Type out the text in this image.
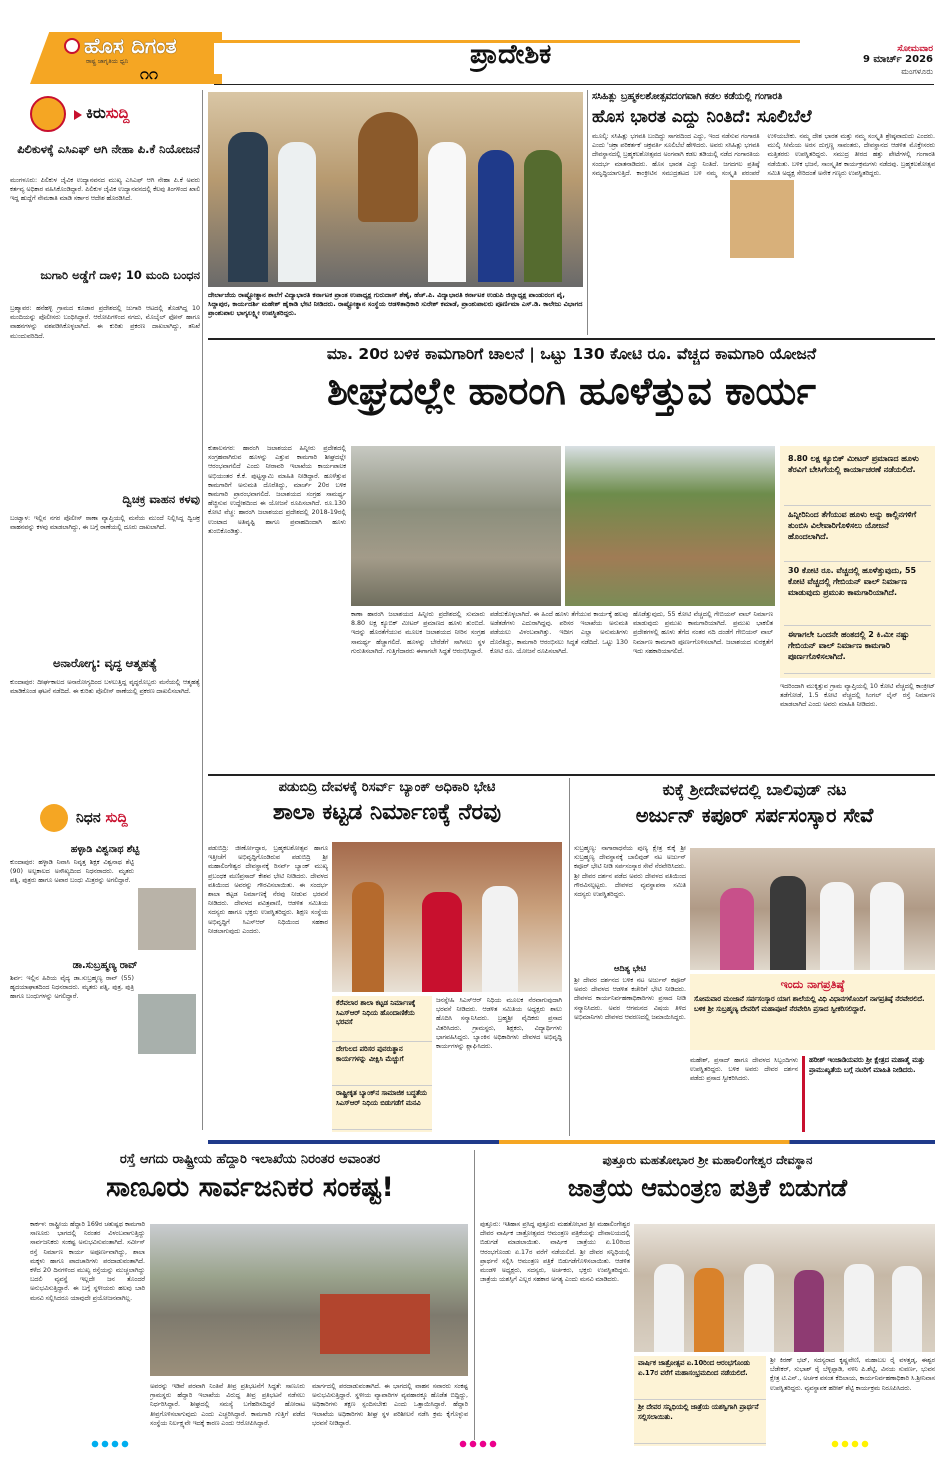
ಹೊಸ ದಿಗಂತ
ರಾಷ್ಟ್ರ ಜಾಗೃತಿಯ ಧ್ವನಿ
೧೧
ಪ್ರಾದೇಶಿಕ	ಸೋಮವಾರ
9 ಮಾರ್ಚ್ 2026
ಮಂಗಳೂರು
ಕಿರುಸುದ್ದಿ
ಪಿಲಿಕುಳಕ್ಕೆ ಎಸಿಎಫ್ ಆಗಿ ನೇಹಾ ಪಿ.ಕೆ ನಿಯೋಜನೆ
ಮಂಗಳೂರು: ಪಿಲಿಕುಳ ಜೈವಿಕ ಉದ್ಯಾನವನದ ಮುಖ್ಯ ಎಸಿಎಫ್ ಆಗಿ ನೇಹಾ ಪಿ.ಕೆ ಅವರು ಕರ್ತವ್ಯ ಅಧಿಕಾರ ವಹಿಸಿಕೊಂಡಿದ್ದಾರೆ. ಪಿಲಿಕುಳ ಜೈವಿಕ ಉದ್ಯಾನವನದಲ್ಲಿ ಕೆಲವು ತಿಂಗಳಿಂದ ಖಾಲಿ ಇದ್ದ ಹುದ್ದೆಗೆ ನೇಮಕಾತಿ ಮಾಡಿ ಸರ್ಕಾರ ಆದೇಶ ಹೊರಡಿಸಿದೆ.
ಜುಗಾರಿ ಅಡ್ಡೆಗೆ ದಾಳಿ; 10 ಮಂದಿ ಬಂಧನ
ಬ್ರಹ್ಮಾವರ: ಹನೆಹಳ್ಳಿ ಗ್ರಾಮದ ಕೂಡಾರ ಪ್ರದೇಶದಲ್ಲಿ ಜುಗಾರಿ ಆಟದಲ್ಲಿ ತೊಡಗಿದ್ದ 10 ಮಂದಿಯನ್ನು ಪೊಲೀಸರು ಬಂಧಿಸಿದ್ದಾರೆ. ಆರೋಪಿಗಳಿಂದ ನಗದು, ಮೊಬೈಲ್ ಫೋನ್ ಹಾಗೂ ವಾಹನಗಳನ್ನು ವಶಪಡಿಸಿಕೊಳ್ಳಲಾಗಿದೆ. ಈ ಕುರಿತು ಪ್ರಕರಣ ದಾಖಲಾಗಿದ್ದು, ತನಿಖೆ ಮುಂದುವರಿದಿದೆ.
ದ್ವಿಚಕ್ರ ವಾಹನ ಕಳವು
ಬಂಟ್ವಾಳ: ಇಲ್ಲಿನ ನಗರ ಪೊಲೀಸ್ ಠಾಣಾ ವ್ಯಾಪ್ತಿಯಲ್ಲಿ ಮನೆಯ ಮುಂದೆ ನಿಲ್ಲಿಸಿದ್ದ ದ್ವಿಚಕ್ರ ವಾಹನವನ್ನು ಕಳವು ಮಾಡಲಾಗಿದ್ದು, ಈ ಬಗ್ಗೆ ಠಾಣೆಯಲ್ಲಿ ದೂರು ದಾಖಲಾಗಿದೆ.
ಅನಾರೋಗ್ಯ: ವೃದ್ಧ ಆತ್ಮಹತ್ಯೆ
ಕುಂದಾಪುರ: ದೀರ್ಘಕಾಲದ ಅನಾರೋಗ್ಯದಿಂದ ಬಳಲುತ್ತಿದ್ದ ವೃದ್ಧರೊಬ್ಬರು ಮನೆಯಲ್ಲಿ ಆತ್ಮಹತ್ಯೆ ಮಾಡಿಕೊಂಡ ಘಟನೆ ನಡೆದಿದೆ. ಈ ಕುರಿತು ಪೊಲೀಸ್ ಠಾಣೆಯಲ್ಲಿ ಪ್ರಕರಣ ದಾಖಲಿಸಲಾಗಿದೆ.
ನಿಧನ ಸುದ್ದಿ
ಹಳ್ಳಾಡಿ ವಿಶ್ವನಾಥ ಶೆಟ್ಟಿ
ಕುಂದಾಪುರ: ಹಳ್ಳಾಡಿ ನಿವಾಸಿ ನಿವೃತ್ತ ಶಿಕ್ಷಕ ವಿಶ್ವನಾಥ ಶೆಟ್ಟಿ (90) ಅಲ್ಪಕಾಲದ ಅಸೌಖ್ಯದಿಂದ ನಿಧನರಾದರು. ಮೃತರು ಪತ್ನಿ, ಪುತ್ರರು ಹಾಗೂ ಅಪಾರ ಬಂಧು ಮಿತ್ರರನ್ನು ಅಗಲಿದ್ದಾರೆ.
ಡಾ.ಸುಬ್ರಹ್ಮಣ್ಯ ರಾವ್
ಶಿರ್ವ: ಇಲ್ಲಿನ ಹಿರಿಯ ವೈದ್ಯ ಡಾ.ಸುಬ್ರಹ್ಮಣ್ಯ ರಾವ್ (55) ಹೃದಯಾಘಾತದಿಂದ ನಿಧನರಾದರು. ಮೃತರು ಪತ್ನಿ, ಪುತ್ರ, ಪುತ್ರಿ ಹಾಗೂ ಬಂಧುಗಳನ್ನು ಅಗಲಿದ್ದಾರೆ.
ದೇರ್ಲಾಜೆಯ ರಾಷ್ಟ್ರೋತ್ಥಾನ ಶಾಲೆಗೆ ವಿದ್ಯಾಭಾರತಿ ಕರ್ನಾಟಕ ಪ್ರಾಂತ ಉಪಾಧ್ಯಕ್ಷ ಗುರುದಾಸ್ ಶೆಣೈ, ಹೆಚ್.ಪಿ. ವಿದ್ಯಾಭಾರತಿ ಕರ್ನಾಟಕ ಉಡುಪಿ ಜಿಲ್ಲಾಧ್ಯಕ್ಷ ಪಾಂಡುರಂಗ ಪೈ, ಸಿದ್ದಾಪುರ, ಕಾರ್ಯದರ್ಶಿ ಮಹೇಶ್ ಹೈಕಾಡಿ ಭೇಟಿ ನೀಡಿದರು. ರಾಷ್ಟ್ರೋತ್ಥಾನ ಸಂಸ್ಥೆಯ ಆಡಳಿತಾಧಿಕಾರಿ ಸುರೇಶ್ ಕಮಾಡೆ, ಪ್ರಾಂಶುಪಾಲರು ಪೂರ್ಣಿಮಾ ಎಸ್.ಡಿ. ಕಾಲೇಜು ವಿಭಾಗದ ಪ್ರಾಂಶುಪಾಲ ಭಾಗ್ಯಲಕ್ಷ್ಮೀ ಉಪಸ್ಥಿತರಿದ್ದರು.
ಸಸಿಹಿತ್ಲು ಬ್ರಹ್ಮಕಲಶೋತ್ಸವದಂಗವಾಗಿ ಕಡಲ ಕಡೆಯಲ್ಲಿ ಗಂಗಾರತಿ
ಹೊಸ ಭಾರತ ಎದ್ದು ನಿಂತಿದೆ: ಸೂಲಿಬೆಲೆ
ಮೂಲ್ಕಿ: ಸಸಿಹಿತ್ಲು ಭಗವತಿ ಬಂದಿದ್ದು ಸಾಗರದಿಂದ ಎದ್ದು, ಇಂದ ನಡೆಸುವ ಗಂಗಾರತಿ ಎಂದು 'ಚಕ್ರಾ ಪರಿಕರ್ತಕ' ಚಕ್ರವರ್ತಿ ಸೂಲಿಬೆಲೆ ಹೇಳಿದರು. ಅವರು ಸಸಿಹಿತ್ಲು ಭಗವತಿ ದೇವಸ್ಥಾನದಲ್ಲಿ ಬ್ರಹ್ಮಕಲಶೋತ್ಸವದ ಅಂಗವಾಗಿ ಕಡಲ ತಡಿಯಲ್ಲಿ ನಡೆದ ಗಂಗಾರತಿಯ ಸಂದರ್ಭ ಮಾತನಾಡಿದರು. ಹೊಸ ಭಾರತ ಎದ್ದು ನಿಂತಿದೆ. ಜಗದಗಲ ಪ್ರತಿಷ್ಠೆ ಸಮೃದ್ಧಿಯಾಗುತ್ತಿದೆ. ಕಾಂಕ್ರೀಟಿನ ಸಮುದ್ರತಟದ ಬಳಿ ನಮ್ಮ ಸಂಸ್ಕೃತಿ ಪರಂಪರೆ ಉಳಿಯಬೇಕು. ನಮ್ಮ ದೇಶ ಭಾರತ ಮತ್ತು ನಮ್ಮ ಸಂಸ್ಕೃತಿ ಶ್ರೇಷ್ಠವಾದುದು ಎಂದರು. ಮುಲ್ಕಿ ಸೀಮೆಯ ಅರಸ ದುಗ್ಗಣ್ಣ ಸಾವಂತರು, ದೇವಸ್ಥಾನದ ಆಡಳಿತ ಮೊಕ್ತೇಸರರು ಮತ್ತಿತರರು ಉಪಸ್ಥಿತರಿದ್ದರು. ಸಮುದ್ರ ತೀರದ ಹತ್ತು ಪೇಟೆಗಳಲ್ಲಿ ಗಂಗಾರತಿ ನಡೆಯಿತು. ಬಳಿಕ ಭಜನೆ, ಸಾಂಸ್ಕೃತಿಕ ಕಾರ್ಯಕ್ರಮಗಳು ನಡೆದವು. ಬ್ರಹ್ಮಕಲಶೋತ್ಸವ ಸಮಿತಿ ಅಧ್ಯಕ್ಷ ಸೇರಿದಂತೆ ಅನೇಕ ಗಣ್ಯರು ಉಪಸ್ಥಿತರಿದ್ದರು.
ಮಾ. 20ರ ಬಳಿಕ ಕಾಮಗಾರಿಗೆ ಚಾಲನೆ | ಒಟ್ಟು 130 ಕೋಟಿ ರೂ. ವೆಚ್ಚದ ಕಾಮಗಾರಿ ಯೋಜನೆ
ಶೀಘ್ರದಲ್ಲೇ ಹಾರಂಗಿ ಹೂಳೆತ್ತುವ ಕಾರ್ಯ
ಕುಶಾಲನಗರ: ಹಾರಂಗಿ ಜಲಾಶಯದ ಹಿನ್ನೀರು ಪ್ರದೇಶದಲ್ಲಿ ಸಂಗ್ರಹವಾಗಿರುವ ಹೂಳನ್ನು ಎತ್ತುವ ಕಾಮಗಾರಿ ಶೀಘ್ರದಲ್ಲೇ ಆರಂಭವಾಗಲಿದೆ ಎಂದು ನೀರಾವರಿ ಇಲಾಖೆಯ ಕಾರ್ಯಪಾಲಕ ಅಭಿಯಂತರ ಕೆ.ಕೆ. ಪುಟ್ಟಸ್ವಾಮಿ ಮಾಹಿತಿ ನೀಡಿದ್ದಾರೆ. ಹೂಳೆತ್ತುವ ಕಾಮಗಾರಿಗೆ ಅನುಮತಿ ದೊರೆತಿದ್ದು, ಮಾರ್ಚ್ 20ರ ಬಳಿಕ ಕಾಮಗಾರಿ ಪ್ರಾರಂಭವಾಗಲಿದೆ. ಜಲಾಶಯದ ಸಂಗ್ರಹ ಸಾಮರ್ಥ್ಯ ಹೆಚ್ಚಿಸುವ ಉದ್ದೇಶದಿಂದ ಈ ಯೋಜನೆ ರೂಪಿಸಲಾಗಿದೆ. ರೂ.130 ಕೋಟಿ ವೆಚ್ಚ: ಹಾರಂಗಿ ಜಲಾಶಯದ ಪ್ರದೇಶದಲ್ಲಿ 2018-19ರಲ್ಲಿ ಉಂಟಾದ ಅತಿವೃಷ್ಟಿ ಹಾಗೂ ಪ್ರವಾಹದಿಂದಾಗಿ ಹೂಳು ತುಂಬಿಕೊಂಡಿತ್ತು.
ಕಾಣಾ ಹಾರಂಗಿ ಜಲಾಶಯದ ಹಿನ್ನೀರು ಪ್ರದೇಶದಲ್ಲಿ ಸುಮಾರು 8.80 ಲಕ್ಷ ಕ್ಯೂಬಿಕ್ ಮೀಟರ್ ಪ್ರಮಾಣದ ಹೂಳು ತುಂಬಿದೆ. ಇದನ್ನು ಹೊರತೆಗೆಯುವ ಮೂಲಕ ಜಲಾಶಯದ ನೀರಿನ ಸಂಗ್ರಹ ಸಾಮರ್ಥ್ಯ ಹೆಚ್ಚಾಗಲಿದೆ. ಹೂಳನ್ನು ಬೇರೆಡೆಗೆ ಸಾಗಿಸಲು ಸ್ಥಳ ಗುರುತಿಸಲಾಗಿದೆ. ಗುತ್ತಿಗೆದಾರರು ಈಗಾಗಲೇ ಸಿದ್ಧತೆ ಆರಂಭಿಸಿದ್ದಾರೆ.
ಪಡೆದುಕೊಳ್ಳಲಾಗಿದೆ. ಈ ಹಿಂದೆ ಹೂಳು ತೆಗೆಯುವ ಕಾರ್ಯಕ್ಕೆ ಹಲವು ಅಡೆತಡೆಗಳು ಎದುರಾಗಿದ್ದವು. ಪರಿಸರ ಇಲಾಖೆಯ ಅನುಮತಿ ಪಡೆಯಲು ವಿಳಂಬವಾಗಿತ್ತು. ಇದೀಗ ಎಲ್ಲಾ ಅನುಮತಿಗಳು ದೊರೆತಿದ್ದು, ಕಾಮಗಾರಿ ಆರಂಭಿಸಲು ಸಿದ್ಧತೆ ನಡೆದಿದೆ. ಒಟ್ಟು 130 ಕೋಟಿ ರೂ. ಯೋಜನೆ ರೂಪಿಸಲಾಗಿದೆ.
ಹೊಡೆತ್ತುವುದು, 55 ಕೋಟಿ ವೆಚ್ಚದಲ್ಲಿ ಗೇಬಿಯನ್ ವಾಲ್ ನಿರ್ಮಾಣ ಮಾಡುವುದು ಪ್ರಮುಖ ಕಾಮಗಾರಿಯಾಗಿದೆ. ಪ್ರಮುಖ ಭಾಕಲಿತ ಪ್ರದೇಶಗಳಲ್ಲಿ ಹೂಳು ತೆಗೆದ ನಂತರ ನದಿ ದಂಡೆಗೆ ಗೇಬಿಯನ್ ವಾಲ್ ನಿರ್ಮಾಣ ಕಾಮಗಾರಿ ಪೂರ್ಣಗೊಳಿಸಲಾಗಿದೆ. ಜಲಾಶಯದ ಸುರಕ್ಷತೆಗೆ ಇದು ಸಹಕಾರಿಯಾಗಲಿದೆ.
8.80 ಲಕ್ಷ ಕ್ಯೂಬಿಕ್ ಮೀಟರ್ ಪ್ರಮಾಣದ ಹೂಳು ತೆರವಿಗೆ ಬೇಸಿಗೆಯಲ್ಲಿ ಕಾರ್ಯಾಚರಣೆ ನಡೆಯಲಿದೆ.
ಹಿನ್ನೀರಿನಿಂದ ತೆಗೆಯುವ ಹೂಳು ಅನ್ನು ಕಾಲ್ಲಿನಗಳಿಗೆ ತುಂಬಿಸಿ ವಿಲೇವಾರಿಗೊಳಿಸಲು ಯೋಜನೆ ಹೊಂದಲಾಗಿದೆ.
30 ಕೋಟಿ ರೂ. ವೆಚ್ಚದಲ್ಲಿ ಹೂಳೆತ್ತುವುದು, 55 ಕೋಟಿ ವೆಚ್ಚದಲ್ಲಿ ಗೇಬಿಯನ್ ವಾಲ್ ನಿರ್ಮಾಣ ಮಾಡುವುದು ಪ್ರಮುಖ ಕಾಮಗಾರಿಯಾಗಿದೆ.
ಈಗಾಗಲೇ ಒಂದನೇ ಹಂತದಲ್ಲಿ 2 ಕಿ.ಮೀ ನಷ್ಟು ಗೇಬಿಯನ್ ವಾಲ್ ನಿರ್ಮಾಣ ಕಾಮಗಾರಿ ಪೂರ್ಣಗೊಳಿಸಲಾಗಿದೆ.
ಇದರಿಂದಾಗಿ ಮುಕ್ಕಿತ್ತುವ ಗ್ರಾಮ ವ್ಯಾಪ್ತಿಯಲ್ಲಿ 10 ಕೋಟಿ ವೆಚ್ಚದಲ್ಲಿ ಕಾಂಕ್ರೀಟ್ ತಡೆಗೋಡೆ, 1.5 ಕೋಟಿ ವೆಚ್ಚದಲ್ಲಿ ಸಿಂಗಲ್ ಲೈನ್ ರಸ್ತೆ ನಿರ್ಮಾಣ ಮಾಡಲಾಗಿದೆ ಎಂದು ಅವರು ಮಾಹಿತಿ ನೀಡಿದರು.
ಪಡುಬಿದ್ರಿ ದೇವಳಕ್ಕೆ ರಿಸರ್ವ್ ಬ್ಯಾಂಕ್ ಅಧಿಕಾರಿ ಭೇಟಿ
ಶಾಲಾ ಕಟ್ಟಡ ನಿರ್ಮಾಣಕ್ಕೆ ನೆರವು
ಪಡುಬಿದ್ರಿ: ಜೀರ್ಣೋದ್ಧಾರ, ಬ್ರಹ್ಮಕಲಶೋತ್ಸವ ಹಾಗೂ ಇತ್ತೀಚೆಗೆ ಅಭಿವೃದ್ಧಿಗೊಂಡಿರುವ ಪಡುಬಿದ್ರಿ ಶ್ರೀ ಮಹಾಲಿಂಗೇಶ್ವರ ದೇವಸ್ಥಾನಕ್ಕೆ ರಿಸರ್ವ್ ಬ್ಯಾಂಕ್ ಮುಖ್ಯ ಪ್ರಬಂಧಕ ಮಣಿಪ್ರಸಾದ್ ಕೇಶವ ಭೇಟಿ ನೀಡಿದರು. ದೇವಳದ ವತಿಯಿಂದ ಅವರನ್ನು ಗೌರವಿಸಲಾಯಿತು. ಈ ಸಂದರ್ಭ ಶಾಲಾ ಕಟ್ಟಡ ನಿರ್ಮಾಣಕ್ಕೆ ನೆರವು ನೀಡುವ ಭರವಸೆ ನೀಡಿದರು. ದೇವಳದ ಪವಿತ್ರಪಾಣಿ, ಆಡಳಿತ ಸಮಿತಿಯ ಸದಸ್ಯರು ಹಾಗೂ ಭಕ್ತರು ಉಪಸ್ಥಿತರಿದ್ದರು. ಶಿಕ್ಷಣ ಸಂಸ್ಥೆಯ ಅಭಿವೃದ್ಧಿಗೆ ಸಿಎಸ್ಆರ್ ನಿಧಿಯಿಂದ ಸಹಕಾರ ನೀಡಲಾಗುವುದು ಎಂದರು.
ಕೆರೆವಲಾರ ಶಾಲಾ ಕಟ್ಟಡ ನಿರ್ಮಾಣಕ್ಕೆ ಸಿಎಸ್ಆರ್ ನಿಧಿಯ ಹೊಂದಾಣಿಕೆಯ ಭರವಸೆ
ದೇಗುಲದ ಪರಿಸರ ಪುನರುತ್ಥಾನ ಕಾರ್ಯಗಳನ್ನು ವೀಕ್ಷಿಸಿ ಮೆಚ್ಚುಗೆ
ರಾಷ್ಟ್ರೀಕೃತ ಬ್ಯಾಂಕ್‌ನ ಸಾಮಾಜಿಕ ಬದ್ಧತೆಯ ಸಿಎಸ್ಆರ್ ನಿಧಿಯ ಬಿಡುಗಡೆಗೆ ಮನವಿ
ಜನಸ್ನೇಹಿ ಸಿಎಸ್‌ಆರ್ ನಿಧಿಯ ಮೂಲಕ ನೆರವಾಗುವುದಾಗಿ ಭರವಸೆ ನೀಡಿದರು. ಆಡಳಿತ ಸಮಿತಿಯ ಅಧ್ಯಕ್ಷರು ಶಾಲು ಹೊದಿಸಿ ಸನ್ಮಾನಿಸಿದರು. ಬ್ರಹ್ಮಶ್ರೀ ವೈದಿಕರು ಪ್ರಸಾದ ವಿತರಿಸಿದರು. ಗ್ರಾಮಸ್ಥರು, ಶಿಕ್ಷಕರು, ವಿದ್ಯಾರ್ಥಿಗಳು ಭಾಗವಹಿಸಿದ್ದರು. ಬ್ಯಾಂಕಿನ ಅಧಿಕಾರಿಗಳು ದೇವಳದ ಅಭಿವೃದ್ಧಿ ಕಾರ್ಯಗಳನ್ನು ಶ್ಲಾಘಿಸಿದರು.
ಕುಕ್ಕೆ ಶ್ರೀದೇವಳದಲ್ಲಿ ಬಾಲಿವುಡ್ ನಟ
ಅರ್ಜುನ್ ಕಪೂರ್ ಸರ್ಪಸಂಸ್ಕಾರ ಸೇವೆ
ಸುಬ್ರಹ್ಮಣ್ಯ: ನಾಗಾರಾಧನೆಯ ಪುಣ್ಯ ಕ್ಷೇತ್ರ ಕುಕ್ಕೆ ಶ್ರೀ ಸುಬ್ರಹ್ಮಣ್ಯ ದೇವಸ್ಥಾನಕ್ಕೆ ಬಾಲಿವುಡ್ ನಟ ಅರ್ಜುನ್ ಕಪೂರ್ ಭೇಟಿ ನೀಡಿ ಸರ್ಪಸಂಸ್ಕಾರ ಸೇವೆ ನೆರವೇರಿಸಿದರು. ಶ್ರೀ ದೇವರ ದರ್ಶನ ಪಡೆದ ಅವರು ದೇವಳದ ವತಿಯಿಂದ ಗೌರವಿಸಲ್ಪಟ್ಟರು. ದೇವಳದ ವ್ಯವಸ್ಥಾಪನಾ ಸಮಿತಿ ಸದಸ್ಯರು ಉಪಸ್ಥಿತರಿದ್ದರು.
ಆದಿತ್ಯ ಭೇಟಿ
ಶ್ರೀ ದೇವರ ದರ್ಶನದ ಬಳಿಕ ನಟ ಅರ್ಜುನ್ ಕಪೂರ್ ಅವರು ದೇವಳದ ಆಡಳಿತ ಕಚೇರಿಗೆ ಭೇಟಿ ನೀಡಿದರು. ದೇವಳದ ಕಾರ್ಯನಿರ್ವಹಣಾಧಿಕಾರಿಗಳು ಪ್ರಸಾದ ನೀಡಿ ಸನ್ಮಾನಿಸಿದರು. ಅವರ ಆಗಮನದ ವಿಷಯ ತಿಳಿದ ಅಭಿಮಾನಿಗಳು ದೇವಳದ ಆವರಣದಲ್ಲಿ ಜಮಾಯಿಸಿದ್ದರು.
ಇಂದು ನಾಗಪ್ರತಿಷ್ಠೆ
ಸೋಮವಾರ ಮಂಜಾನೆ ಸರ್ಪಸಂಸ್ಕಾರ ಯಾಗ ಶಾಲೆಯಲ್ಲಿ ವಿಧಿ ವಿಧಾನಗಳೊಂದಿಗೆ ನಾಗಪ್ರತಿಷ್ಠೆ ನೆರವೇರಲಿದೆ. ಬಳಿಕ ಶ್ರೀ ಸುಬ್ರಹ್ಮಣ್ಯ ದೇವರಿಗೆ ಮಹಾಪೂಜೆ ನೆರವೇರಿಸಿ ಪ್ರಸಾದ ಸ್ವೀಕರಿಸಲಿದ್ದಾರೆ.
ಮಹೇಶ್, ಪ್ರಸಾದ್ ಹಾಗೂ ದೇವಳದ ಸಿಬ್ಬಂದಿಗಳು ಉಪಸ್ಥಿತರಿದ್ದರು. ಬಳಿಕ ಅವರು ದೇವರ ದರ್ಶನ ಪಡೆದು ಪ್ರಸಾದ ಸ್ವೀಕರಿಸಿದರು.
ಹರೀಶ್ ಇಂಜಾಡಿಯವರು ಶ್ರೀ ಕ್ಷೇತ್ರದ ಮಹಾತ್ಮೆ ಮತ್ತು ಪ್ರಾಮುಖ್ಯತೆಯ ಬಗ್ಗೆ ನಟರಿಗೆ ಮಾಹಿತಿ ನೀಡಿದರು.
ರಸ್ತೆ ಆಗದು ರಾಷ್ಟ್ರೀಯ ಹೆದ್ದಾರಿ ಇಲಾಖೆಯ ನಿರಂತರ ಅವಾಂತರ
ಸಾಣೂರು ಸಾರ್ವಜನಿಕರ ಸಂಕಷ್ಟ!
ಕಾರ್ಕಳ: ರಾಷ್ಟ್ರೀಯ ಹೆದ್ದಾರಿ 169ರ ಚತುಷ್ಪಥ ಕಾಮಗಾರಿ ಸಾಣೂರು ಭಾಗದಲ್ಲಿ ನಿರಂತರ ವಿಳಂಬವಾಗುತ್ತಿದ್ದು ಸಾರ್ವಜನಿಕರು ಸಂಕಷ್ಟ ಅನುಭವಿಸುವಂತಾಗಿದೆ. ಸರ್ವೀಸ್ ರಸ್ತೆ ನಿರ್ಮಾಣ ಕಾರ್ಯ ಅಪೂರ್ಣವಾಗಿದ್ದು, ಶಾಲಾ ಮಕ್ಕಳು ಹಾಗೂ ಪಾದಚಾರಿಗಳು ಪರದಾಡುವಂತಾಗಿದೆ. ಕಳೆದ 20 ದಿನಗಳಿಂದ ಮುಖ್ಯ ರಸ್ತೆಯನ್ನು ಮುಚ್ಚಲಾಗಿದ್ದು ಬದಲಿ ವ್ಯವಸ್ಥೆ ಇಲ್ಲದೇ ಜನ ತೊಂದರೆ ಅನುಭವಿಸುತ್ತಿದ್ದಾರೆ. ಈ ಬಗ್ಗೆ ಸ್ಥಳೀಯರು ಹಲವು ಬಾರಿ ಮನವಿ ಸಲ್ಲಿಸಿದರೂ ಯಾವುದೇ ಪ್ರಯೋಜನವಾಗಿಲ್ಲ.
ಅವರನ್ನು ಇಡಿವೆ ಪರವಾಗಿ ನಿಂತಿವೆ ತೀವ್ರ ಪ್ರತಿಭಟನೆಗೆ ಸಿದ್ಧತೆ: ಸಾಣೂರು ಗ್ರಾಮಸ್ಥರು ಹೆದ್ದಾರಿ ಇಲಾಖೆಯ ವಿರುದ್ಧ ತೀವ್ರ ಪ್ರತಿಭಟನೆ ನಡೆಸಲು ನಿರ್ಧರಿಸಿದ್ದಾರೆ. ಶೀಘ್ರದಲ್ಲಿ ಸಮಸ್ಯೆ ಬಗೆಹರಿಸದಿದ್ದರೆ ಹೋರಾಟ ತೀವ್ರಗೊಳಿಸಲಾಗುವುದು ಎಂದು ಎಚ್ಚರಿಸಿದ್ದಾರೆ. ಕಾಮಗಾರಿ ಗುತ್ತಿಗೆ ಪಡೆದ ಸಂಸ್ಥೆಯ ನಿರ್ಲಕ್ಷ್ಯವೇ ಇದಕ್ಕೆ ಕಾರಣ ಎಂದು ಆರೋಪಿಸಿದ್ದಾರೆ.
ಮಾರ್ಗದಲ್ಲಿ ಪರದಾಡುವಂತಾಗಿದೆ. ಈ ಭಾಗದಲ್ಲಿ ವಾಹನ ಸವಾರರು ಸಂಕಷ್ಟ ಅನುಭವಿಸುತ್ತಿದ್ದಾರೆ. ಸ್ಥಳೀಯ ವ್ಯಾಪಾರಿಗಳ ವ್ಯವಹಾರಕ್ಕೂ ಹೊಡೆತ ಬಿದ್ದಿದ್ದು, ಅಧಿಕಾರಿಗಳು ತಕ್ಷಣ ಸ್ಪಂದಿಸಬೇಕು ಎಂದು ಒತ್ತಾಯಿಸಿದ್ದಾರೆ. ಹೆದ್ದಾರಿ ಇಲಾಖೆಯ ಅಧಿಕಾರಿಗಳು ಶೀಘ್ರ ಸ್ಥಳ ಪರಿಶೀಲನೆ ನಡೆಸಿ ಕ್ರಮ ಕೈಗೊಳ್ಳುವ ಭರವಸೆ ನೀಡಿದ್ದಾರೆ.
ಪುತ್ತೂರು ಮಹತೋಭಾರ ಶ್ರೀ ಮಹಾಲಿಂಗೇಶ್ವರ ದೇವಸ್ಥಾನ
ಜಾತ್ರೆಯ ಆಮಂತ್ರಣ ಪತ್ರಿಕೆ ಬಿಡುಗಡೆ
ಪುತ್ತೂರು: ಇತಿಹಾಸ ಪ್ರಸಿದ್ಧ ಪುತ್ತೂರು ಮಹತೋಭಾರ ಶ್ರೀ ಮಹಾಲಿಂಗೇಶ್ವರ ದೇವರ ವಾರ್ಷಿಕ ಜಾತ್ರೋತ್ಸವದ ಆಮಂತ್ರಣ ಪತ್ರಿಕೆಯನ್ನು ದೇವಾಲಯದಲ್ಲಿ ಬಿಡುಗಡೆ ಮಾಡಲಾಯಿತು. ವಾರ್ಷಿಕ ಜಾತ್ರೆಯು ಏ.10ರಿಂದ ಆರಂಭಗೊಂಡು ಏ.17ರ ವರೆಗೆ ನಡೆಯಲಿದೆ. ಶ್ರೀ ದೇವರ ಸನ್ನಿಧಿಯಲ್ಲಿ ಪ್ರಾರ್ಥನೆ ಸಲ್ಲಿಸಿ ಆಮಂತ್ರಣ ಪತ್ರಿಕೆ ಬಿಡುಗಡೆಗೊಳಿಸಲಾಯಿತು. ಆಡಳಿತ ಮಂಡಳಿ ಅಧ್ಯಕ್ಷರು, ಸದಸ್ಯರು, ಅರ್ಚಕರು, ಭಕ್ತರು ಉಪಸ್ಥಿತರಿದ್ದರು. ಜಾತ್ರೆಯ ಯಶಸ್ಸಿಗೆ ಎಲ್ಲರ ಸಹಕಾರ ಅಗತ್ಯ ಎಂದು ಮನವಿ ಮಾಡಿದರು.
ವಾರ್ಷಿಕ ಜಾತ್ರೋತ್ಸವ ಏ.10ರಿಂದ ಆರಂಭಗೊಂಡು ಏ.17ರ ವರೆಗೆ ಮಹಾಸಂಭ್ರಮದಿಂದ ನಡೆಯಲಿದೆ.
ಶ್ರೀ ದೇವರ ಸನ್ನಿಧಿಯಲ್ಲಿ ಜಾತ್ರೆಯ ಯಶಸ್ವಿಗಾಗಿ ಪ್ರಾರ್ಥನೆ ಸಲ್ಲಿಸಲಾಯಿತು.
ಶ್ರೀ ಕಿರಣ್ ಭಟ್, ಸದಸ್ಯರಾದ ಕೃಷ್ಣವೇಣಿ, ಮಹಾಬಲ ರೈ ವಳತ್ತಡ್ಕ, ಈಶ್ವರ ಬೆಡೇಕರ್, ಸುಭಾಶ್ ರೈ ಬೆಳ್ಳಿಪ್ಪಾಡಿ, ನಳಿನಿ ಪಿ.ಶೆಟ್ಟಿ, ವಿನಯ ಸುವರ್ಣ, ಭುವನ ಕ್ಷೇತ್ರ ಟಿ.ಎನ್., ಅರ್ಚಕ ವಸಂತ ಕೆದಿಲಾಯ, ಕಾರ್ಯನಿರ್ವಹಣಾಧಿಕಾರಿ ಸಿ.ಶ್ರೀನಿವಾಸ ಉಪಸ್ಥಿತರಿದ್ದರು. ವ್ಯವಸ್ಥಾಪಕ ಹರೀಶ್ ಶೆಟ್ಟಿ ಕಾರ್ಯಕ್ರಮ ನಿರೂಪಿಸಿದರು.
